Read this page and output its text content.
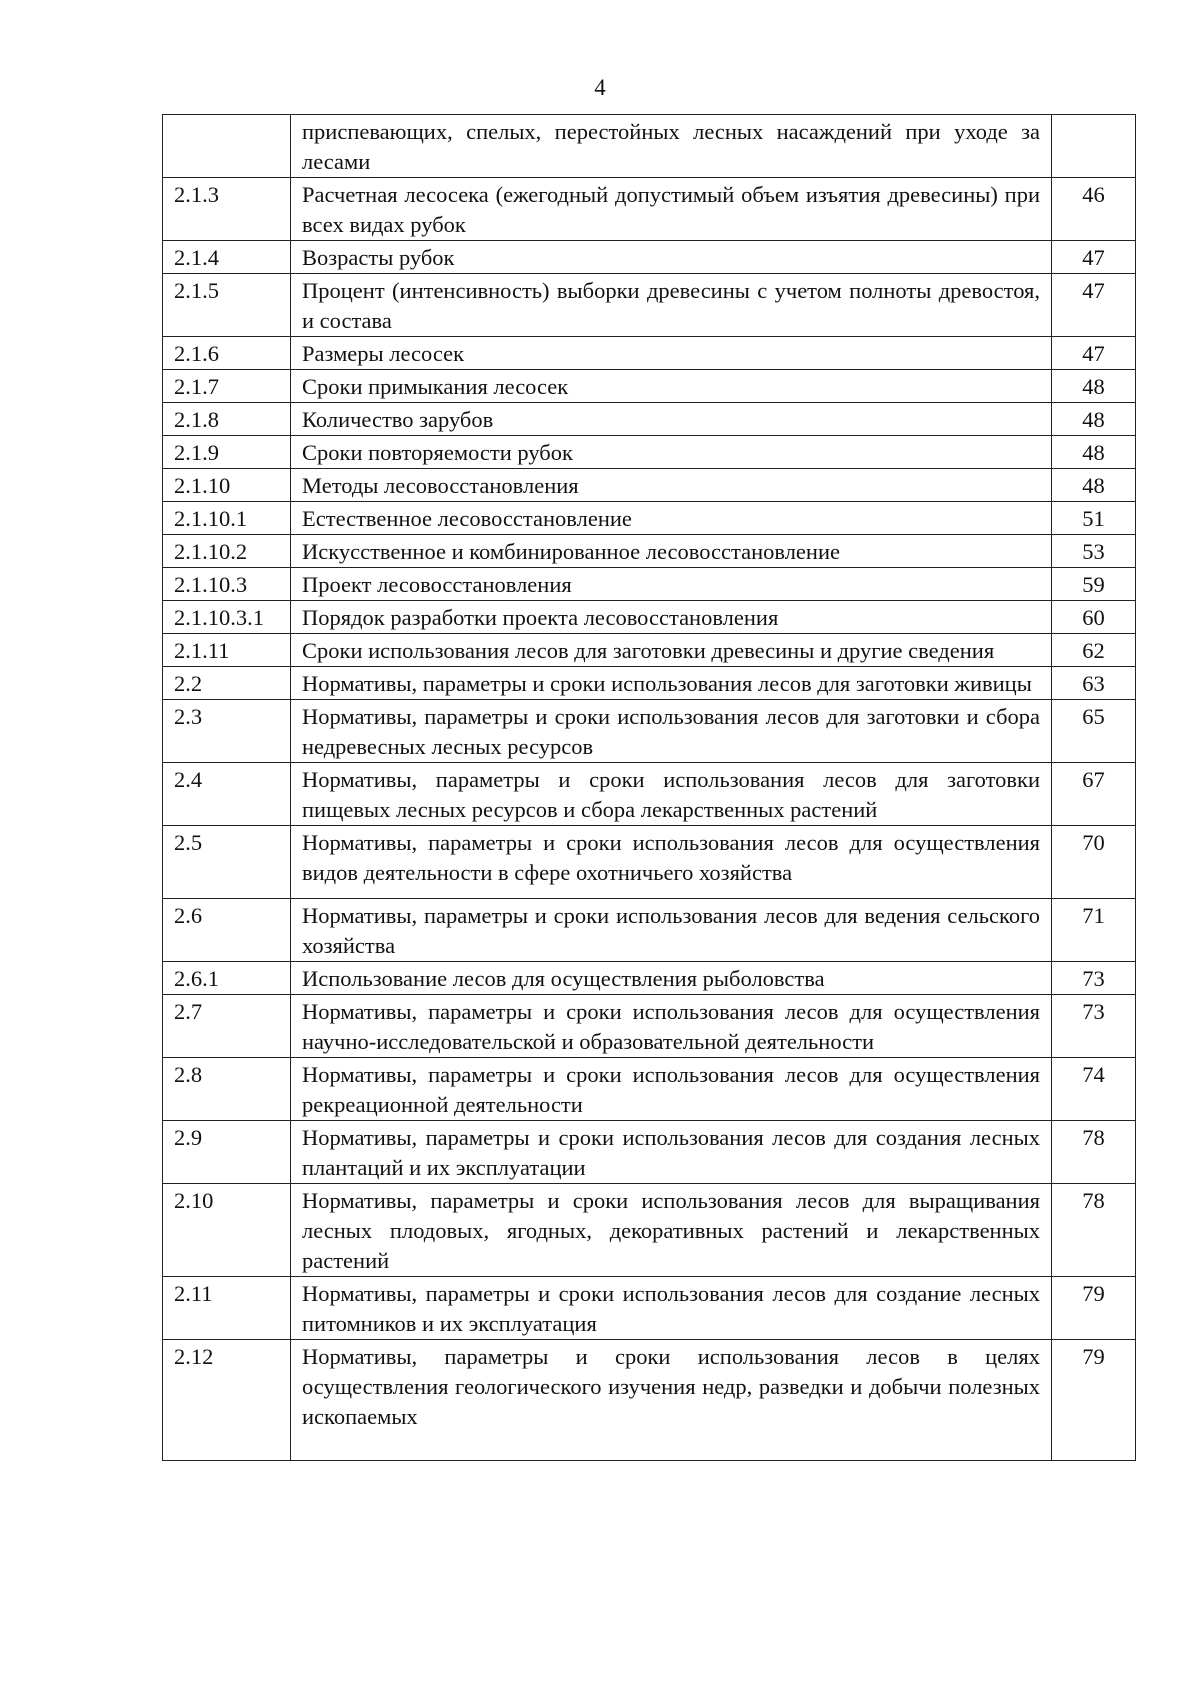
4
	приспевающих, спелых, перестойных лесных насаждений при уходе за лесами	
2.1.3	Расчетная лесосека (ежегодный допустимый объем изъятия древесины) при всех видах рубок	46
2.1.4	Возрасты рубок	47
2.1.5	Процент (интенсивность) выборки древесины с учетом полноты древостоя, и состава	47
2.1.6	Размеры лесосек	47
2.1.7	Сроки примыкания лесосек	48
2.1.8	Количество зарубов	48
2.1.9	Сроки повторяемости рубок	48
2.1.10	Методы лесовосстановления	48
2.1.10.1	Естественное лесовосстановление	51
2.1.10.2	Искусственное и комбинированное лесовосстановление	53
2.1.10.3	Проект лесовосстановления	59
2.1.10.3.1	Порядок разработки проекта лесовосстановления	60
2.1.11	Сроки использования лесов для заготовки древесины и другие сведения	62
2.2	Нормативы, параметры и сроки использования лесов для заготовки живицы	63
2.3	Нормативы, параметры и сроки использования лесов для заготовки и сбора недревесных лесных ресурсов	65
2.4	Нормативы, параметры и сроки использования лесов для заготовки пищевых лесных ресурсов и сбора лекарственных растений	67
2.5	Нормативы, параметры и сроки использования лесов для осуществления видов деятельности в сфере охотничьего хозяйства	70
2.6	Нормативы, параметры и сроки использования лесов для ведения сельского хозяйства	71
2.6.1	Использование лесов для осуществления рыболовства	73
2.7	Нормативы, параметры и сроки использования лесов для осуществления научно-исследовательской и образовательной деятельности	73
2.8	Нормативы, параметры и сроки использования лесов для осуществления рекреационной деятельности	74
2.9	Нормативы, параметры и сроки использования лесов для создания лесных плантаций и их эксплуатации	78
2.10	Нормативы, параметры и сроки использования лесов для выращивания лесных плодовых, ягодных, декоративных растений и лекарственных растений	78
2.11	Нормативы, параметры и сроки использования лесов для создание лесных питомников и их эксплуатация	79
2.12	Нормативы, параметры и сроки использования лесов в целях осуществления геологического изучения недр, разведки и добычи полезных ископаемых	79
